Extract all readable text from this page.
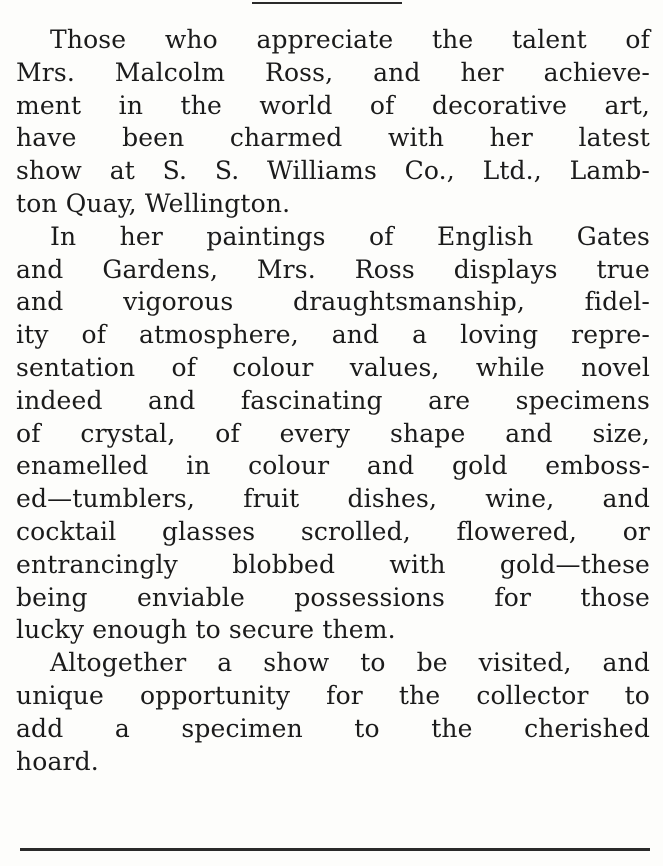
Those who appreciate the talent of
Mrs. Malcolm Ross, and her achieve-
ment in the world of decorative art,
have been charmed with her latest
show at S. S. Williams Co., Ltd., Lamb-
ton Quay, Wellington.

In her paintings of English Gates
and Gardens, Mrs. Ross displays true
and vigorous draughtsmanship, fidel-
ity of atmosphere, and a loving repre-
sentation of colour values, while novel
indeed and fascinating are specimens
of crystal, of every shape and size,
enamelled in colour and gold emboss-
ed—tumblers, fruit dishes, wine, and
cocktail glasses scrolled, flowered, or
entrancingly blobbed with gold—these
being enviable possessions for those
lucky enough to secure them.

Altogether a show to be visited, and
unique opportunity for the collector to
add a specimen to the cherished
hoard.
